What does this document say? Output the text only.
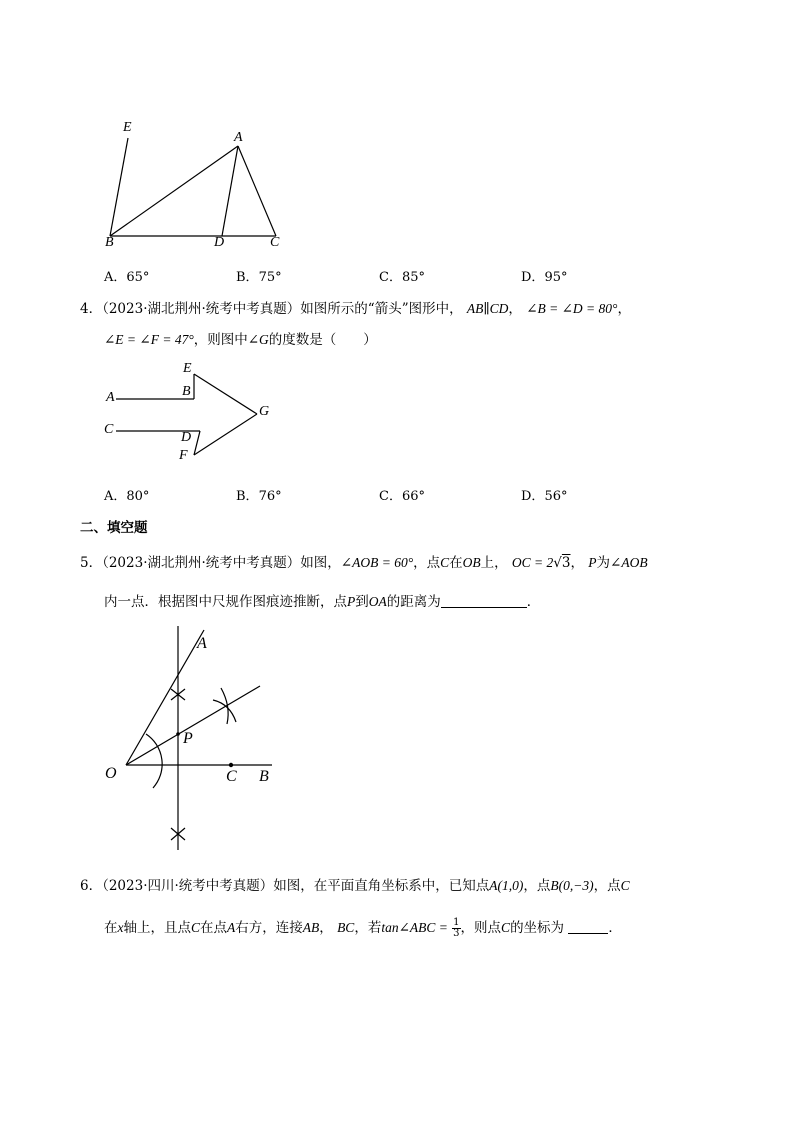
E
A
B	D	C
A．65°	B．75°	C．85°	D．95°
4．（2023·湖北荆州·统考中考真题）如图所示的“箭头”图形中， AB∥CD， ∠B = ∠D = 80°，
∠E = ∠F = 47°，则图中∠G的度数是（　　）
E
A	B
G
C
D
F
A．80°	B．76°	C．66°	D．56°
二、填空题
5．（2023·湖北荆州·统考中考真题）如图，∠AOB = 60°，点C在OB上， OC = 2√3， P为∠AOB
内一点．根据图中尺规作图痕迹推断，点P到OA的距离为	．
A
P
O	C B
6．（2023·四川·统考中考真题）如图，在平面直角坐标系中，已知点A(1,0)，点B(0,−3)，点C
在x轴上，且点C在点A右方，连接AB， BC，若tan∠ABC = $\frac{1}{3}$ ，则点C的坐标为	．
